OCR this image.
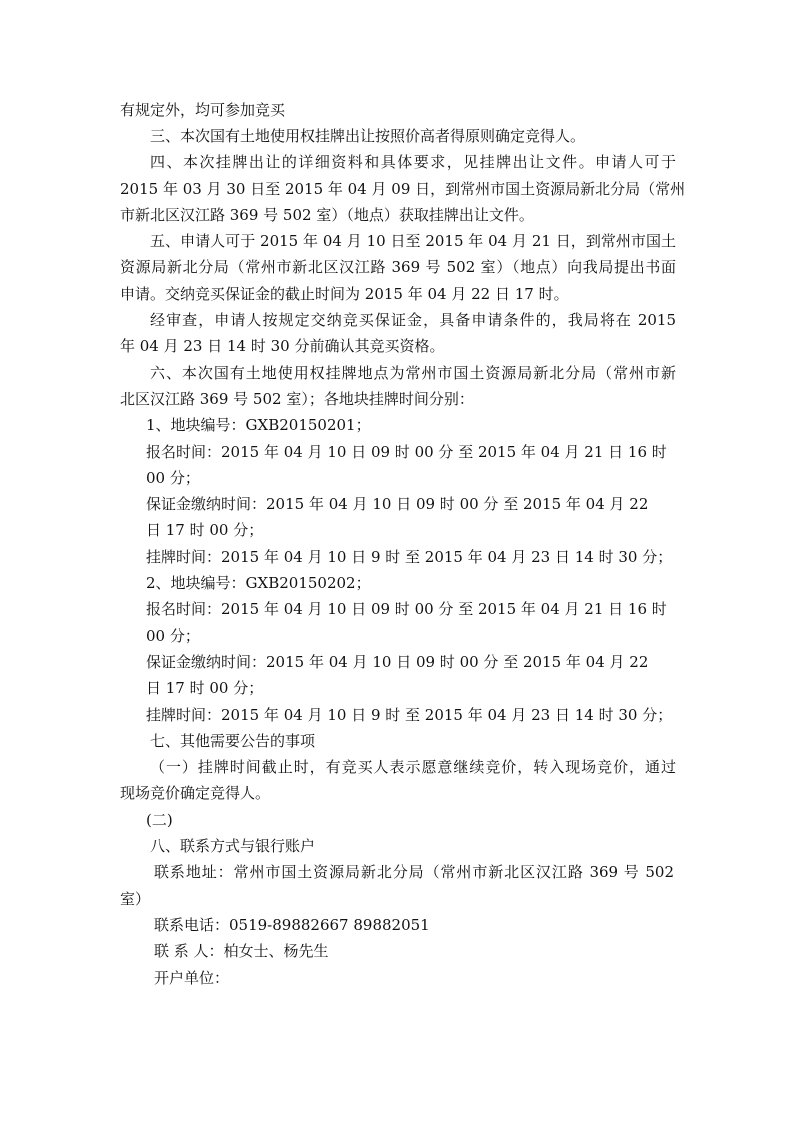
有规定外，均可参加竞买
三、本次国有土地使用权挂牌出让按照价高者得原则确定竞得人。
四、本次挂牌出让的详细资料和具体要求，见挂牌出让文件。申请人可于
2015 年 03 月 30 日至 2015 年 04 月 09 日，到常州市国土资源局新北分局（常州
市新北区汉江路 369 号 502 室）（地点）获取挂牌出让文件。
五、申请人可于 2015 年 04 月 10 日至 2015 年 04 月 21 日，到常州市国土
资源局新北分局（常州市新北区汉江路 369 号 502 室）（地点）向我局提出书面
申请。交纳竞买保证金的截止时间为 2015 年 04 月 22 日 17 时。
经审查，申请人按规定交纳竞买保证金，具备申请条件的，我局将在 2015
年 04 月 23 日 14 时 30 分前确认其竞买资格。
六、本次国有土地使用权挂牌地点为常州市国土资源局新北分局（常州市新
北区汉江路 369 号 502 室）；各地块挂牌时间分别：
1、地块编号：GXB20150201；
报名时间：2015 年 04 月 10 日 09 时 00 分 至 2015 年 04 月 21 日 16 时
00 分；
保证金缴纳时间：2015 年 04 月 10 日 09 时 00 分 至 2015 年 04 月 22
日 17 时 00 分；
挂牌时间：2015 年 04 月 10 日 9 时 至 2015 年 04 月 23 日 14 时 30 分；
2、地块编号：GXB20150202；
报名时间：2015 年 04 月 10 日 09 时 00 分 至 2015 年 04 月 21 日 16 时
00 分；
保证金缴纳时间：2015 年 04 月 10 日 09 时 00 分 至 2015 年 04 月 22
日 17 时 00 分；
挂牌时间：2015 年 04 月 10 日 9 时 至 2015 年 04 月 23 日 14 时 30 分；
七、其他需要公告的事项
（一）挂牌时间截止时，有竞买人表示愿意继续竞价，转入现场竞价，通过
现场竞价确定竞得人。
(二)
八、联系方式与银行账户
联系地址：常州市国土资源局新北分局（常州市新北区汉江路 369 号 502
室）
联系电话：0519-89882667 89882051
联 系 人：柏女士、杨先生
开户单位：
